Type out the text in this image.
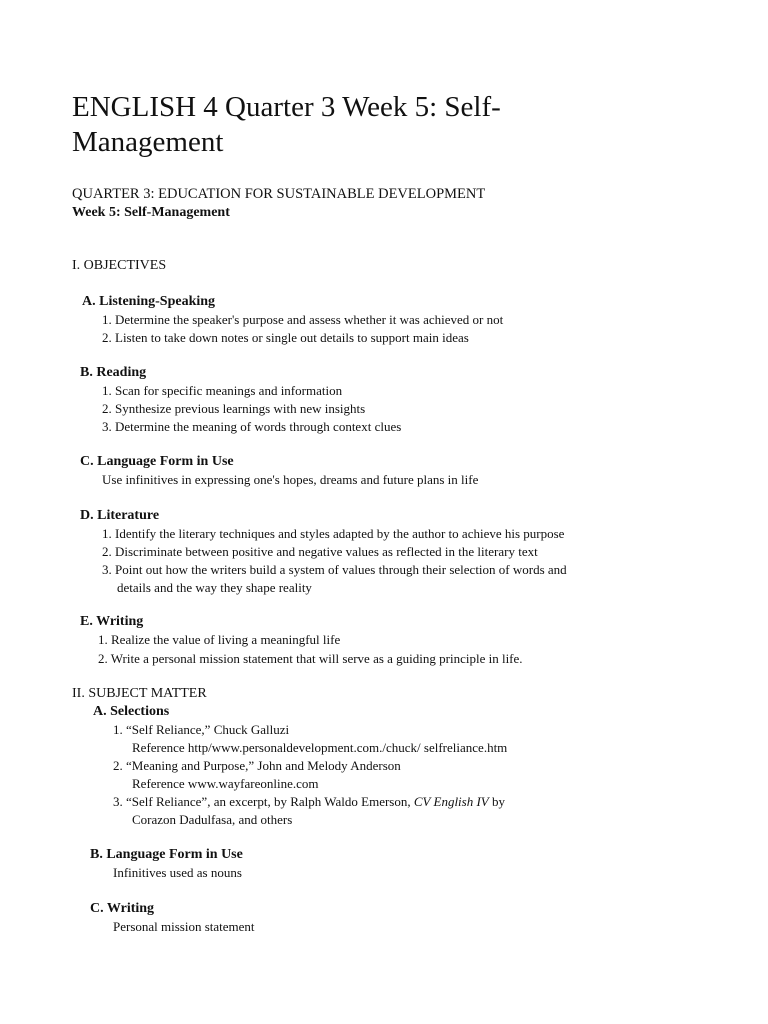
ENGLISH 4 Quarter 3 Week 5: Self-
Management
QUARTER 3: EDUCATION FOR SUSTAINABLE DEVELOPMENT
Week 5: Self-Management
I. OBJECTIVES
A. Listening-Speaking
1. Determine the speaker's purpose and assess whether it was achieved or not
2. Listen to take down notes or single out details to support main ideas
B. Reading
1. Scan for specific meanings and information
2. Synthesize previous learnings with new insights
3. Determine the meaning of words through context clues
C. Language Form in Use
Use infinitives in expressing one's hopes, dreams and future plans in life
D. Literature
1. Identify the literary techniques and styles adapted by the author to achieve his purpose
2. Discriminate between positive and negative values as reflected in the literary text
3. Point out how the writers build a system of values through their selection of words and
details and the way they shape reality
E. Writing
1. Realize the value of living a meaningful life
2. Write a personal mission statement that will serve as a guiding principle in life.
II. SUBJECT MATTER
A. Selections
1. “Self Reliance,” Chuck Galluzi
Reference http/www.personaldevelopment.com./chuck/ selfreliance.htm
2. “Meaning and Purpose,” John and Melody Anderson
Reference www.wayfareonline.com
3. “Self Reliance”, an excerpt, by Ralph Waldo Emerson, CV English IV by
Corazon Dadulfasa, and others
B. Language Form in Use
Infinitives used as nouns
C. Writing
Personal mission statement
